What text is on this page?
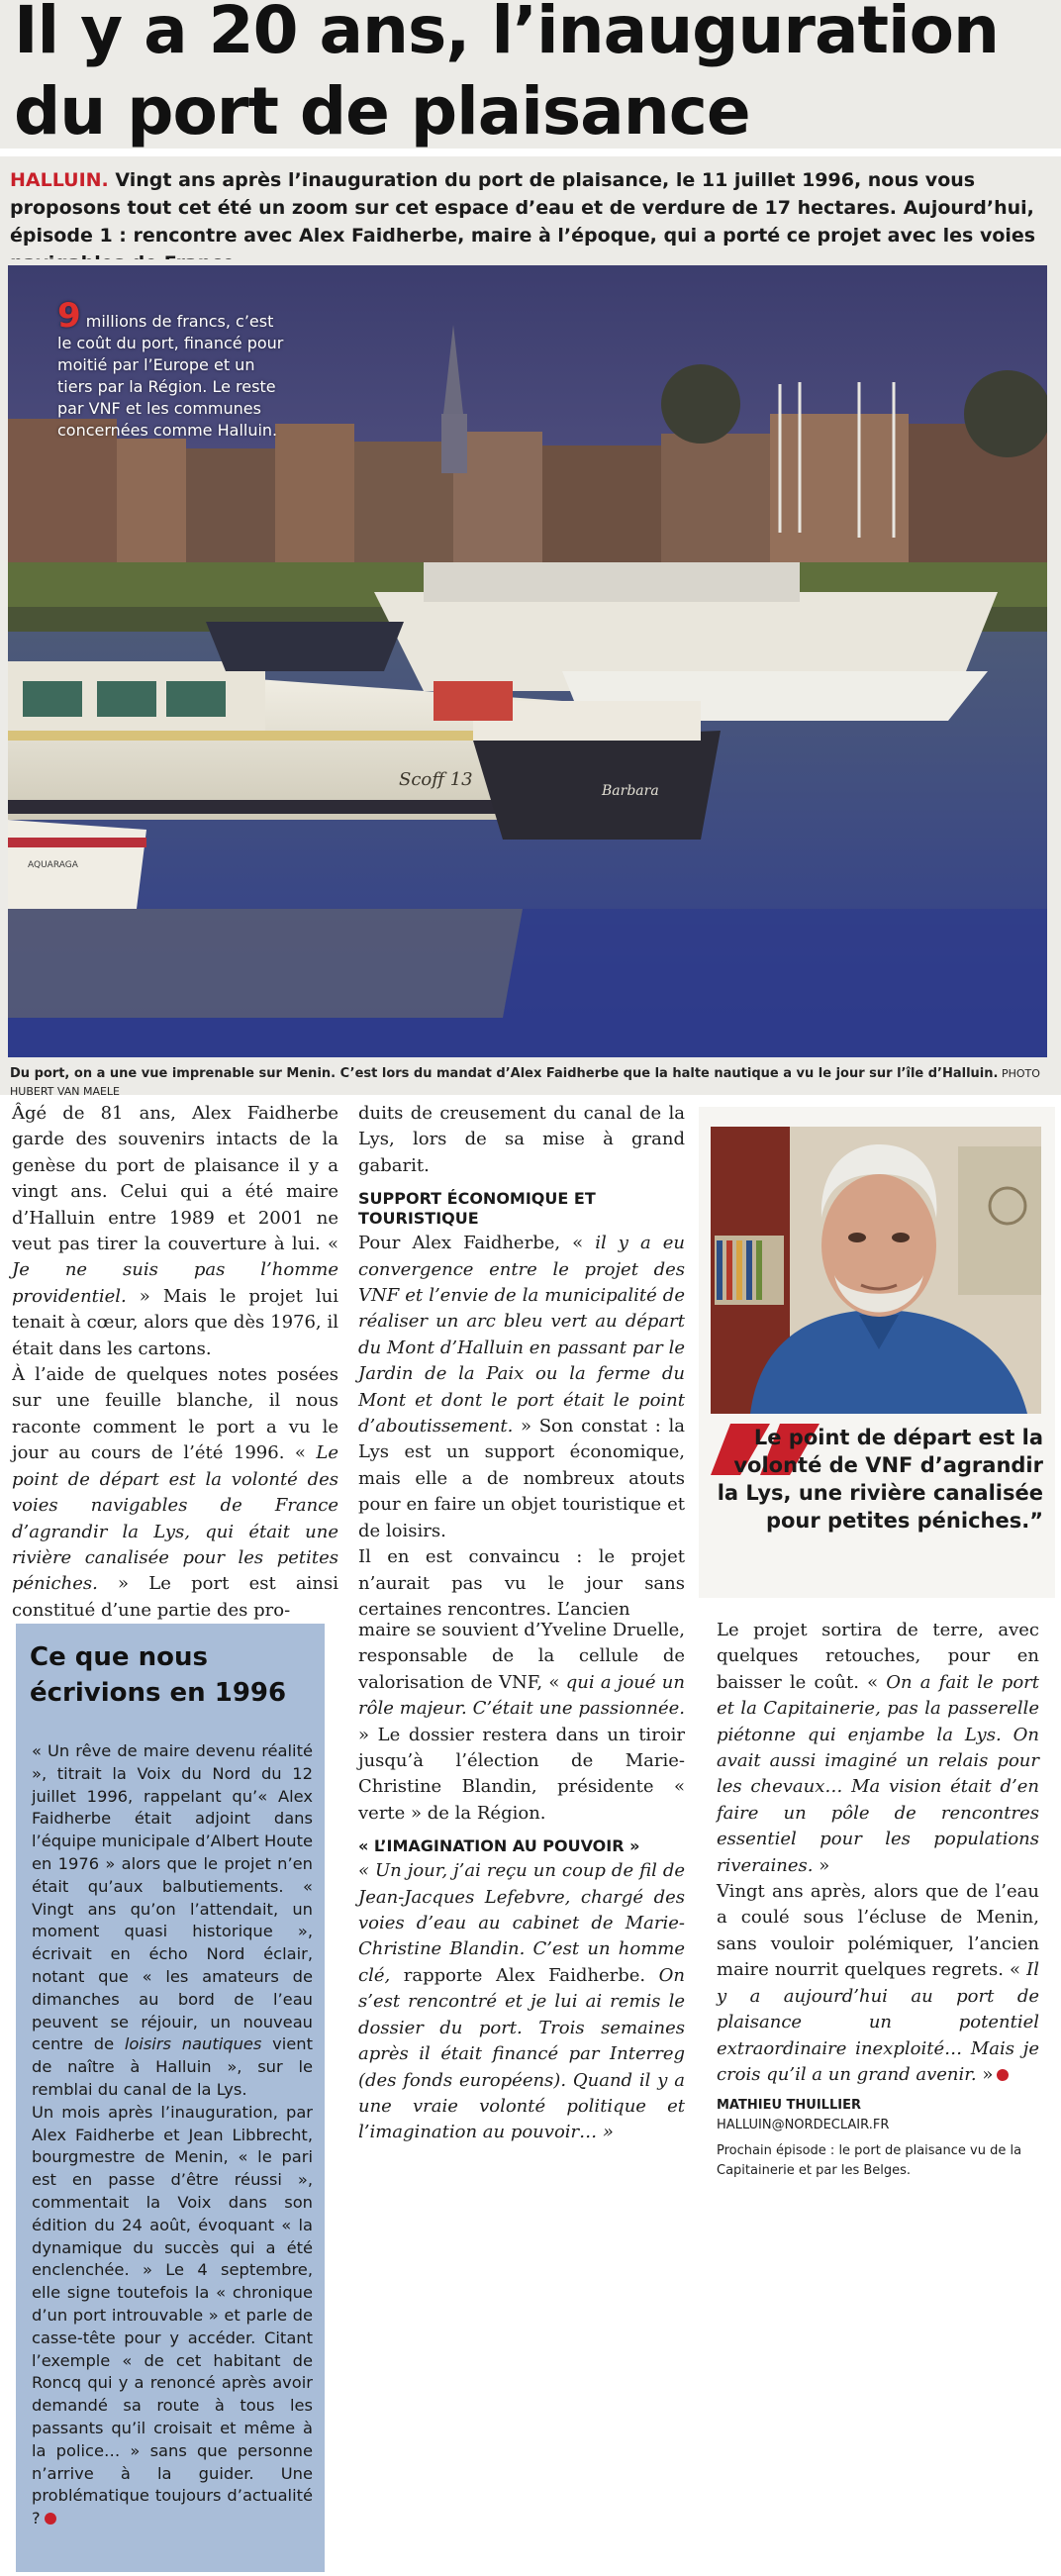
Il y a 20 ans, l’inauguration du port de plaisance

HALLUIN. Vingt ans après l’inauguration du port de plaisance, le 11 juillet 1996, nous vous proposons tout cet été un zoom sur cet espace d’eau et de verdure de 17 hectares. Aujourd’hui, épisode 1 : rencontre avec Alex Faidherbe, maire à l’époque, qui a porté ce projet avec les voies

Scoff 13
Barbara
AQUARAGA
9 millions de francs, c’est le coût du port, financé pour moitié par l’Europe et un tiers par la Région. Le reste par VNF et les communes concernées comme Halluin.
Du port, on a une vue imprenable sur Menin. C’est lors du mandat d’Alex Faidherbe que la halte nautique a vu le jour sur l’île d’Halluin. PHOTO HUBERT VAN MAELE

Âgé de 81 ans, Alex Faidherbe garde des souvenirs intacts de la genèse du port de plaisance il y a vingt ans. Celui qui a été maire d’Halluin entre 1989 et 2001 ne veut pas tirer la couverture à lui. « Je ne suis pas l’homme providentiel. » Mais le projet lui tenait à cœur, alors que dès 1976, il était dans les cartons.

À l’aide de quelques notes posées sur une feuille blanche, il nous raconte comment le port a vu le jour au cours de l’été 1996. « Le point de départ est la volonté des voies navigables de France d’agrandir la Lys, qui était une rivière canalisée pour les petites péniches. » Le port est ainsi constitué d’une partie des pro-

duits de creusement du canal de la Lys, lors de sa mise à grand gabarit.

SUPPORT ÉCONOMIQUE ET TOURISTIQUE

Pour Alex Faidherbe, « il y a eu convergence entre le projet des VNF et l’envie de la municipalité de réaliser un arc bleu vert au départ du Mont d’Halluin en passant par le Jardin de la Paix ou la ferme du Mont et dont le port était le point d’aboutissement. » Son constat : la Lys est un support économique, mais elle a de nombreux atouts pour en faire un objet touristique et de loisirs.

Il en est convaincu : le projet n’aurait pas vu le jour sans certaines rencontres. L’ancien

Le point de départ est la volonté de VNF d’agrandir la Lys, une rivière canalisée pour petites péniches.”
Ce que nous écrivions en 1996

« Un rêve de maire devenu réalité », titrait la Voix du Nord du 12 juillet 1996, rappelant qu’« Alex Faidherbe était adjoint dans l’équipe municipale d’Albert Houte en 1976 » alors que le projet n’en était qu’aux balbutiements. « Vingt ans qu’on l’attendait, un moment quasi historique », écrivait en écho Nord éclair, notant que « les amateurs de dimanches au bord de l’eau peuvent se réjouir, un nouveau centre de loisirs nautiques vient de naître à Halluin », sur le remblai du canal de la Lys.

Un mois après l’inauguration, par Alex Faidherbe et Jean Libbrecht, bourgmestre de Menin, « le pari est en passe d’être réussi », commentait la Voix dans son édition du 24 août, évoquant « la dynamique du succès qui a été enclenchée. » Le 4 septembre, elle signe toutefois la « chronique d’un port introuvable » et parle de casse-tête pour y accéder. Citant l’exemple « de cet habitant de Roncq qui y a renoncé après avoir demandé sa route à tous les passants qu’il croisait et même à la police… » sans que personne n’arrive à la guider. Une problématique toujours d’actualité ?

maire se souvient d’Yveline Druelle, responsable de la cellule de valorisation de VNF, « qui a joué un rôle majeur. C’était une passionnée. » Le dossier restera dans un tiroir jusqu’à l’élection de Marie-Christine Blandin, présidente « verte » de la Région.

« L’IMAGINATION AU POUVOIR »

« Un jour, j’ai reçu un coup de fil de Jean-Jacques Lefebvre, chargé des voies d’eau au cabinet de Marie-Christine Blandin. C’est un homme clé, rapporte Alex Faidherbe. On s’est rencontré et je lui ai remis le dossier du port. Trois semaines après il était financé par Interreg (des fonds européens). Quand il y a une vraie volonté politique et l’imagination au pouvoir… »

Le projet sortira de terre, avec quelques retouches, pour en baisser le coût. « On a fait le port et la Capitainerie, pas la passerelle piétonne qui enjambe la Lys. On avait aussi imaginé un relais pour les chevaux… Ma vision était d’en faire un pôle de rencontres essentiel pour les populations riveraines. »

Vingt ans après, alors que de l’eau a coulé sous l’écluse de Menin, sans vouloir polémiquer, l’ancien maire nourrit quelques regrets. « Il y a aujourd’hui au port de plaisance un potentiel extraordinaire inexploité… Mais je crois qu’il a un grand avenir. »

MATHIEU THUILLIER
HALLUIN@NORDECLAIR.FR
Prochain épisode : le port de plaisance vu de la Capitainerie et par les Belges.
